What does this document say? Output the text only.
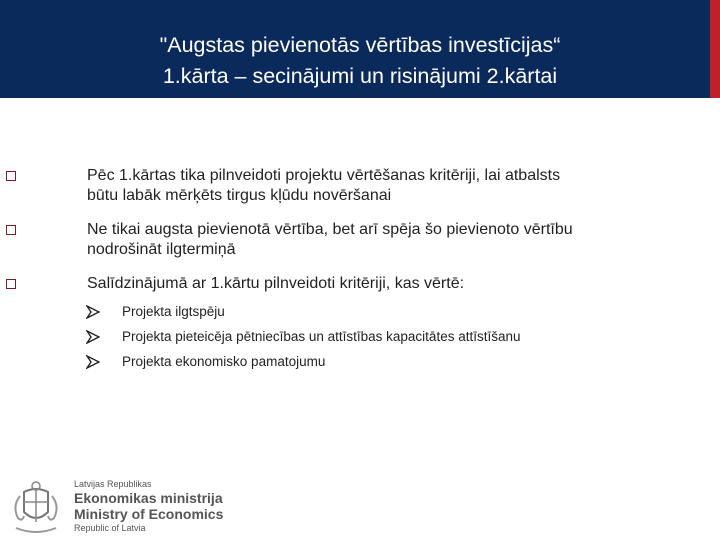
"Augstas pievienotās vērtības investīcijas“
1.kārta – secinājumi un risinājumi 2.kārtai
Pēc 1.kārtas tika pilnveidoti projektu vērtēšanas kritēriji, lai atbalsts
būtu labāk mērķēts tirgus kļūdu novēršanai
Ne tikai augsta pievienotā vērtība, bet arī spēja šo pievienoto vērtību
nodrošināt ilgtermiņā
Salīdzinājumā ar 1.kārtu pilnveidoti kritēriji, kas vērtē:
Projekta ilgtspēju
Projekta pieteicēja pētniecības un attīstības kapacitātes attīstīšanu
Projekta ekonomisko pamatojumu
Latvijas Republikas
Ekonomikas ministrija
Ministry of Economics
Republic of Latvia
